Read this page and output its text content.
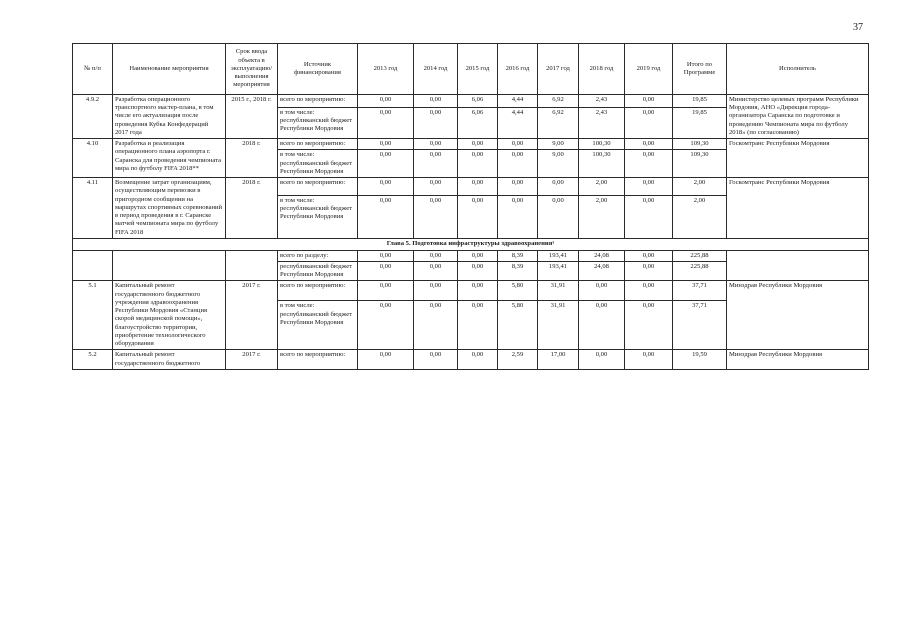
37
№ п/п	Наименование мероприятия	Срок ввода объекта в эксплуатацию/ выполнения мероприятия	Источник финансирования	2013 год	2014 год	2015 год	2016 год	2017 год	2018 год	2019 год	Итого по Программе	Исполнитель
4.9.2	Разработка операционного транспортного мастер-плана, в том числе его актуализация после проведения Кубка Конфедераций 2017 года	2015 г., 2018 г.	всего по мероприятию:	0,00	0,00	6,06	4,44	6,92	2,43	0,00	19,85	Министерство целевых программ Республики Мордовия, АНО «Дирекция города-организатора Саранска по подготовке и проведению Чемпионата мира по футболу 2018» (по согласованию)
			в том числе: республиканский бюджет Республики Мордовия	0,00	0,00	6,06	4,44	6,92	2,43	0,00	19,85	
4.10	Разработка и реализация операционного плана аэропорта г. Саранска для проведения чемпионата мира по футболу FIFA 2018**	2018 г.	всего по мероприятию:	0,00	0,00	0,00	0,00	9,00	100,30	0,00	109,30	Госкомтранс Республики Мордовия
			в том числе: республиканский бюджет Республики Мордовия	0,00	0,00	0,00	0,00	9,00	100,30	0,00	109,30	
4.11	Возмещение затрат организациям, осуществляющим перевозки в пригородном сообщении на маршрутах спортивных соревнований в период проведения в г. Саранске матчей чемпионата мира по футболу FIFA 2018	2018 г.	всего по мероприятию:	0,00	0,00	0,00	0,00	0,00	2,00	0,00	2,00	Госкомтранс Республики Мордовия
			в том числе: республиканский бюджет Республики Мордовия	0,00	0,00	0,00	0,00	0,00	2,00	0,00	2,00	
Глава 5. Подготовка инфраструктуры здравоохранения¹												
			всего по разделу:	0,00	0,00	0,00	8,39	193,41	24,08	0,00	225,88	
			республиканский бюджет Республики Мордовия	0,00	0,00	0,00	8,39	193,41	24,08	0,00	225,88	
5.1	Капитальный ремонт государственного бюджетного учреждения здравоохранения Республики Мордовия «Станция скорой медицинской помощи», благоустройство территории, приобретение технологического оборудования	2017 г.	всего по мероприятию:	0,00	0,00	0,00	5,80	31,91	0,00	0,00	37,71	Минздрав Республики Мордовия
			в том числе: республиканский бюджет Республики Мордовия	0,00	0,00	0,00	5,80	31,91	0,00	0,00	37,71	
5.2	Капитальный ремонт государственного бюджетного	2017 г.	всего по мероприятию:	0,00	0,00	0,00	2,59	17,00	0,00	0,00	19,59	Минздрав Республики Мордовия
